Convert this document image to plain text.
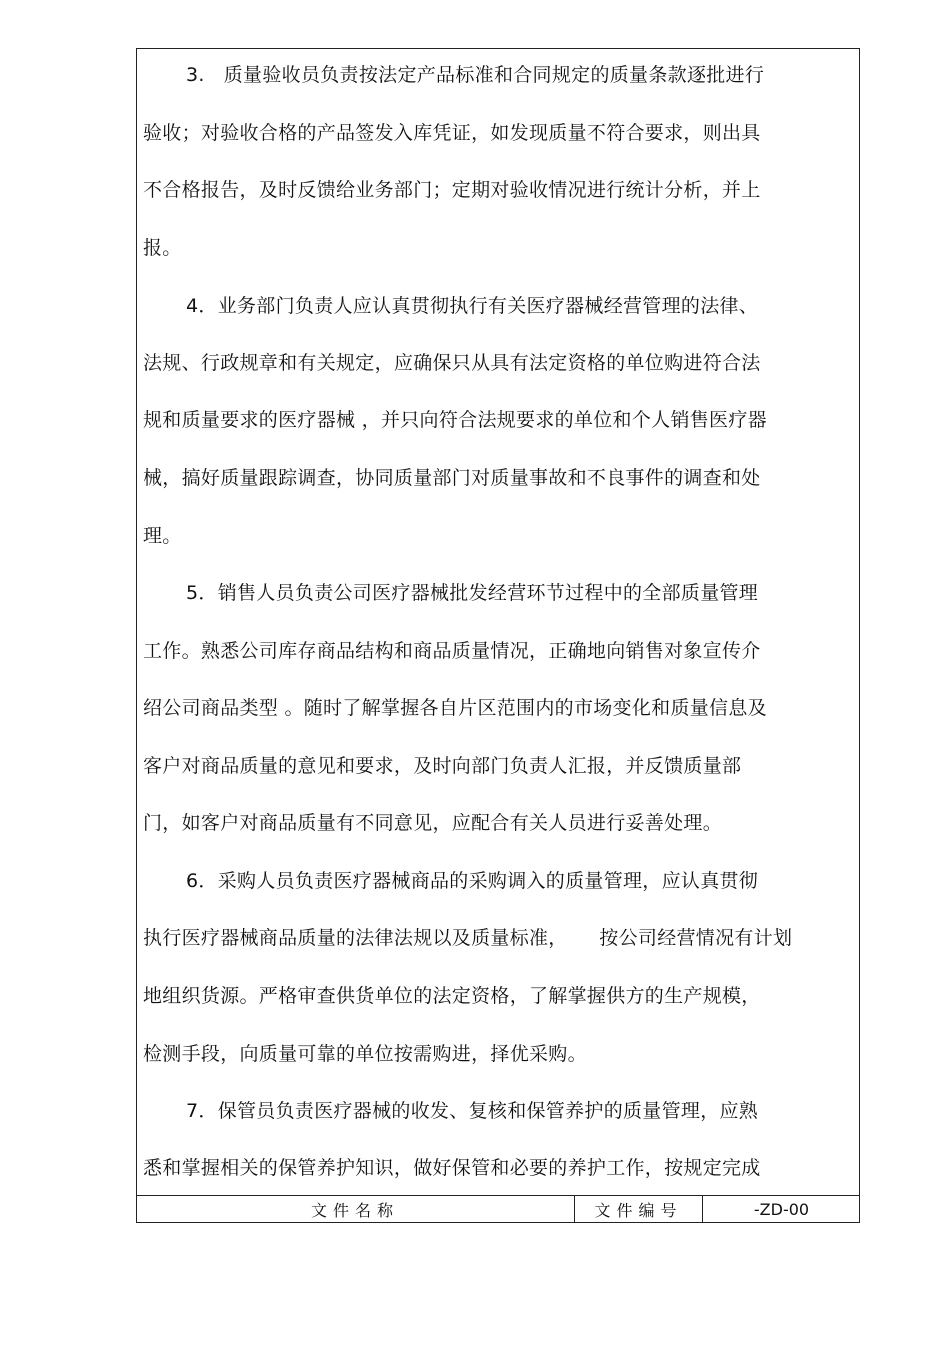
3.   质量验收员负责按法定产品标准和合同规定的质量条款逐批进行
验收；对验收合格的产品签发入库凭证，如发现质量不符合要求，则出具
不合格报告，及时反馈给业务部门；定期对验收情况进行统计分析，并上
报。
4．业务部门负责人应认真贯彻执行有关医疗器械经营管理的法律、
法规、行政规章和有关规定，应确保只从具有法定资格的单位购进符合法
规和质量要求的医疗器械 ，并只向符合法规要求的单位和个人销售医疗器
械，搞好质量跟踪调查，协同质量部门对质量事故和不良事件的调查和处
理。
5．销售人员负责公司医疗器械批发经营环节过程中的全部质量管理
工作。熟悉公司库存商品结构和商品质量情况，正确地向销售对象宣传介
绍公司商品类型 。随时了解掌握各自片区范围内的市场变化和质量信息及
客户对商品质量的意见和要求，及时向部门负责人汇报，并反馈质量部
门，如客户对商品质量有不同意见，应配合有关人员进行妥善处理。
6．采购人员负责医疗器械商品的采购调入的质量管理，应认真贯彻
执行医疗器械商品质量的法律法规以及质量标准，     按公司经营情况有计划
地组织货源。严格审查供货单位的法定资格，了解掌握供方的生产规模，
检测手段，向质量可靠的单位按需购进，择优采购。
7．保管员负责医疗器械的收发、复核和保管养护的质量管理，应熟
悉和掌握相关的保管养护知识，做好保管和必要的养护工作，按规定完成
文件名称	文件编号	-ZD-00
